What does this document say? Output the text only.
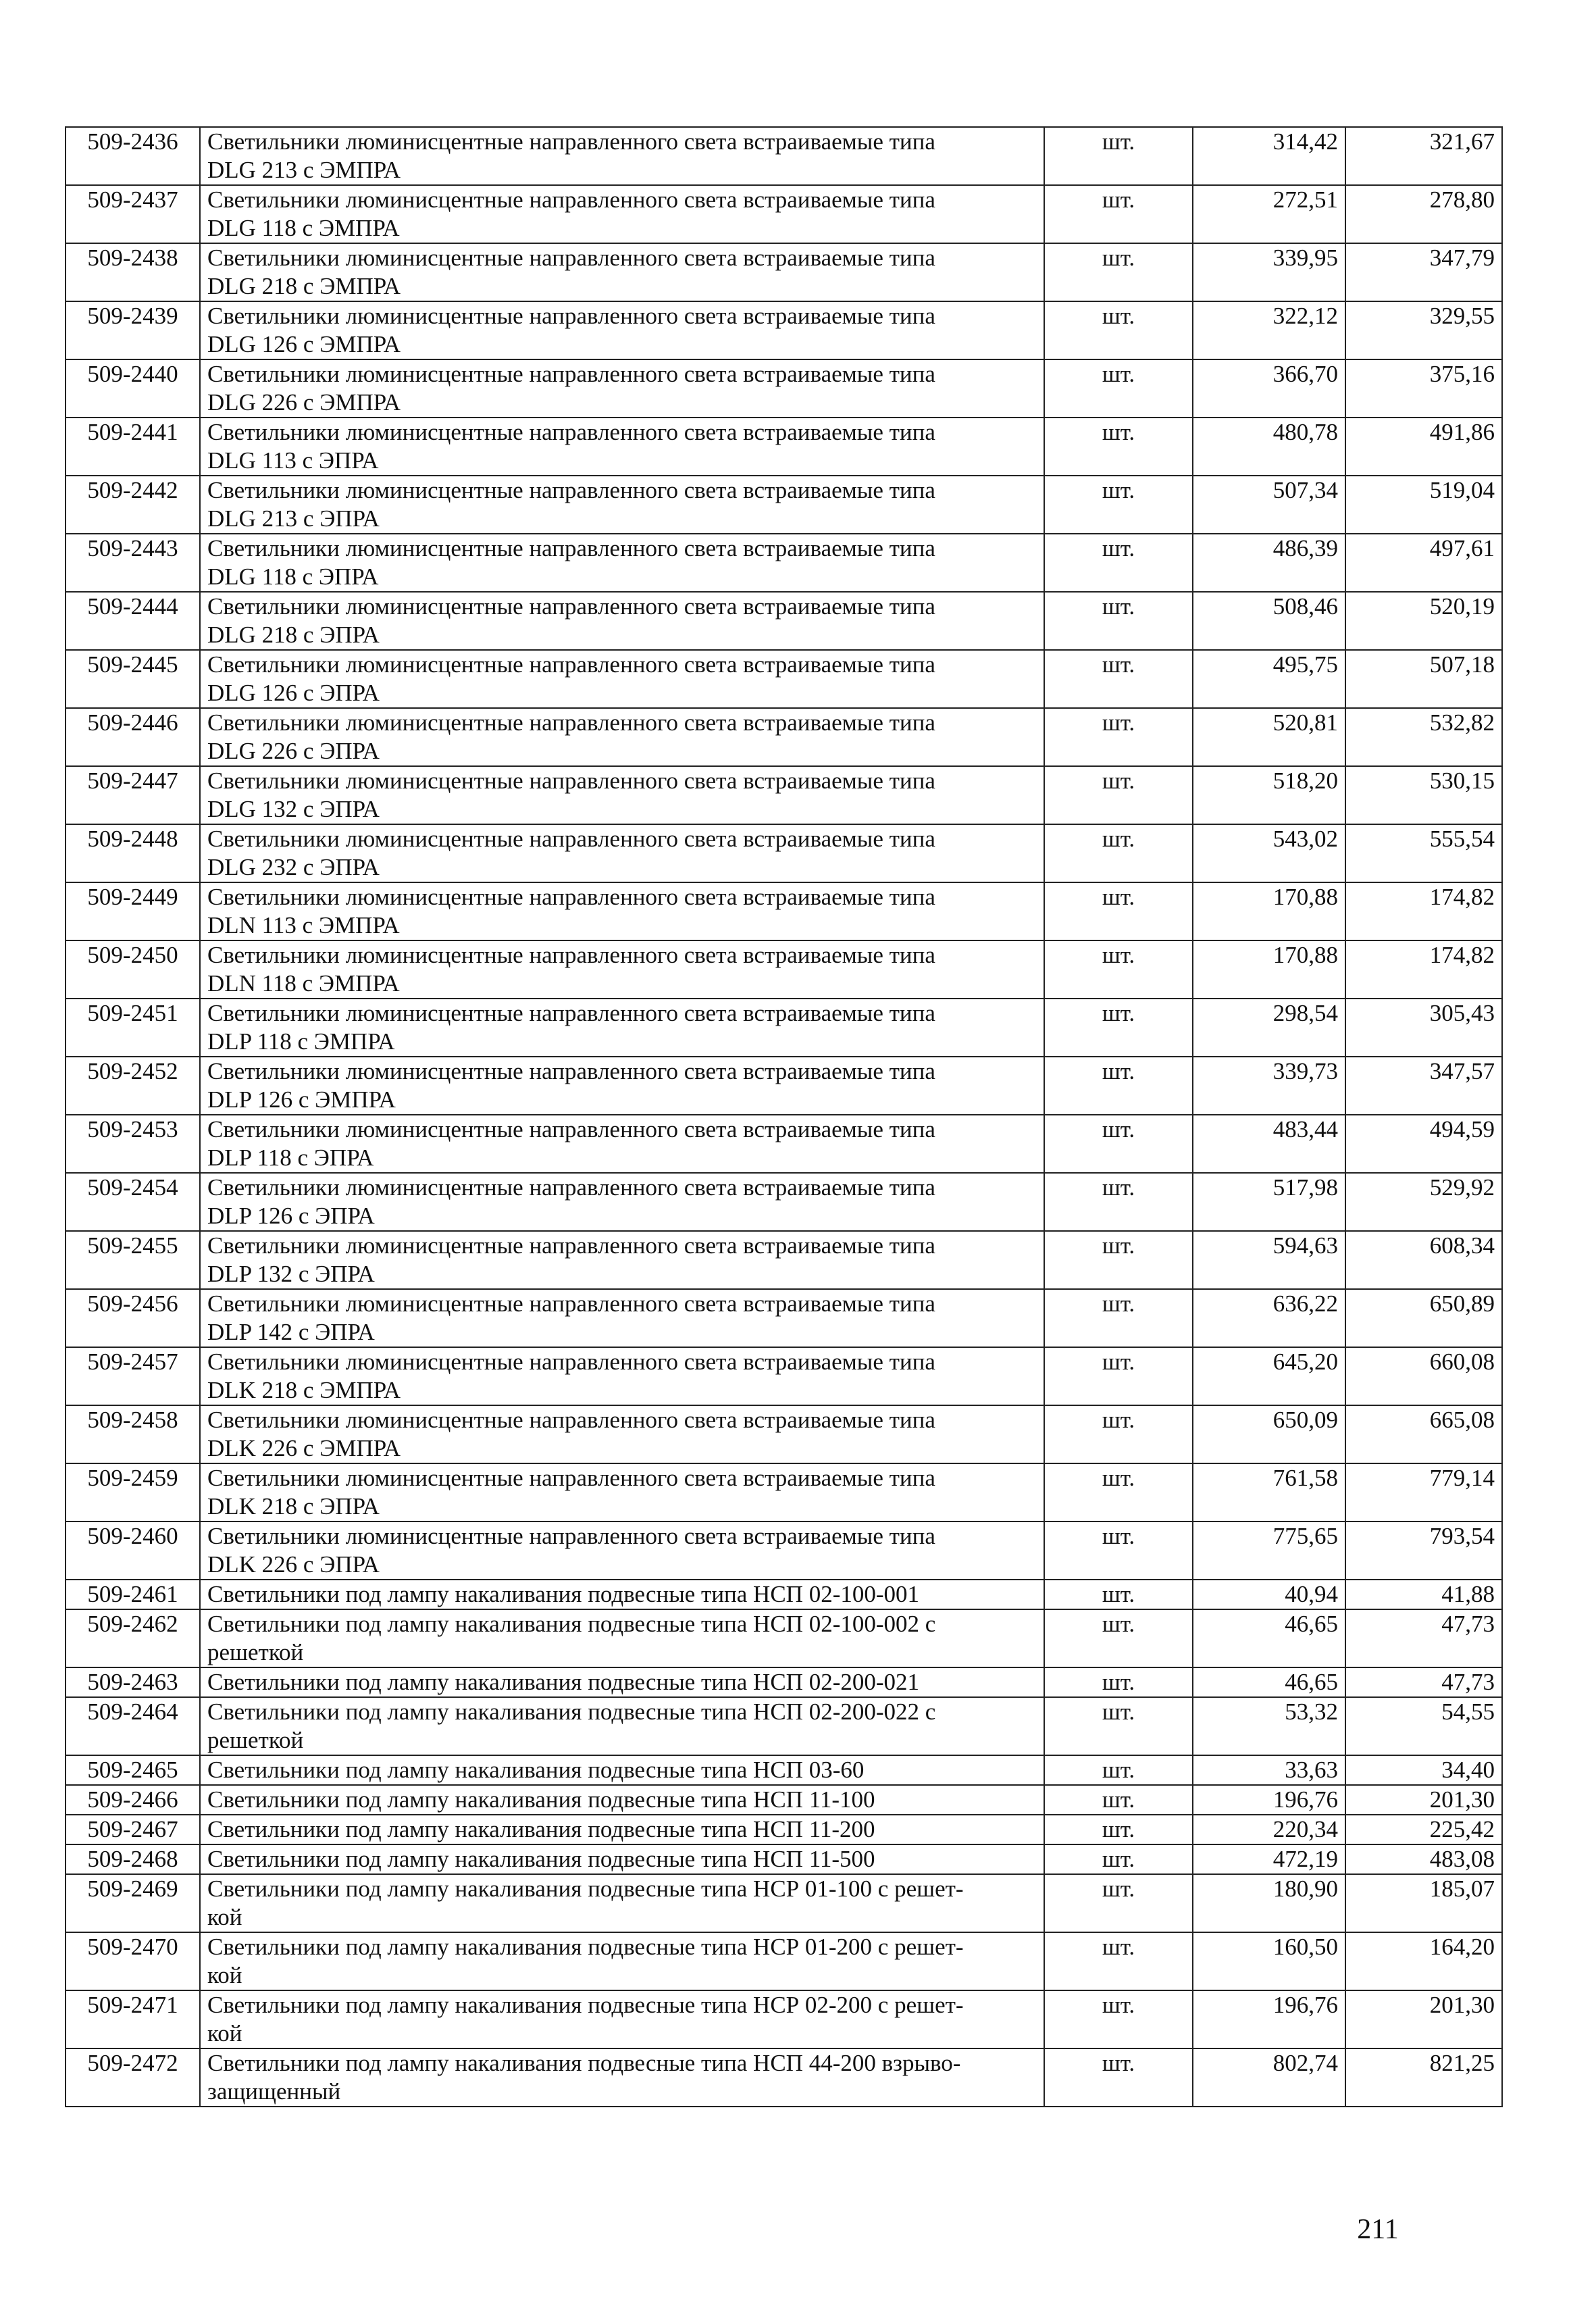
509-2436	Светильники люминисцентные направленного света встраиваемые типа
DLG 213 с ЭМПРА	шт.	314,42	321,67
509-2437	Светильники люминисцентные направленного света встраиваемые типа
DLG 118 с ЭМПРА	шт.	272,51	278,80
509-2438	Светильники люминисцентные направленного света встраиваемые типа
DLG 218 с ЭМПРА	шт.	339,95	347,79
509-2439	Светильники люминисцентные направленного света встраиваемые типа
DLG 126 с ЭМПРА	шт.	322,12	329,55
509-2440	Светильники люминисцентные направленного света встраиваемые типа
DLG 226 с ЭМПРА	шт.	366,70	375,16
509-2441	Светильники люминисцентные направленного света встраиваемые типа
DLG 113 с ЭПРА	шт.	480,78	491,86
509-2442	Светильники люминисцентные направленного света встраиваемые типа
DLG 213 с ЭПРА	шт.	507,34	519,04
509-2443	Светильники люминисцентные направленного света встраиваемые типа
DLG 118 с ЭПРА	шт.	486,39	497,61
509-2444	Светильники люминисцентные направленного света встраиваемые типа
DLG 218 с ЭПРА	шт.	508,46	520,19
509-2445	Светильники люминисцентные направленного света встраиваемые типа
DLG 126 с ЭПРА	шт.	495,75	507,18
509-2446	Светильники люминисцентные направленного света встраиваемые типа
DLG 226 с ЭПРА	шт.	520,81	532,82
509-2447	Светильники люминисцентные направленного света встраиваемые типа
DLG 132 с ЭПРА	шт.	518,20	530,15
509-2448	Светильники люминисцентные направленного света встраиваемые типа
DLG 232 с ЭПРА	шт.	543,02	555,54
509-2449	Светильники люминисцентные направленного света встраиваемые типа
DLN 113 с ЭМПРА	шт.	170,88	174,82
509-2450	Светильники люминисцентные направленного света встраиваемые типа
DLN 118 с ЭМПРА	шт.	170,88	174,82
509-2451	Светильники люминисцентные направленного света встраиваемые типа
DLP 118 с ЭМПРА	шт.	298,54	305,43
509-2452	Светильники люминисцентные направленного света встраиваемые типа
DLP 126 с ЭМПРА	шт.	339,73	347,57
509-2453	Светильники люминисцентные направленного света встраиваемые типа
DLP 118 с ЭПРА	шт.	483,44	494,59
509-2454	Светильники люминисцентные направленного света встраиваемые типа
DLP 126 с ЭПРА	шт.	517,98	529,92
509-2455	Светильники люминисцентные направленного света встраиваемые типа
DLP 132 с ЭПРА	шт.	594,63	608,34
509-2456	Светильники люминисцентные направленного света встраиваемые типа
DLP 142 с ЭПРА	шт.	636,22	650,89
509-2457	Светильники люминисцентные направленного света встраиваемые типа
DLK 218 с ЭМПРА	шт.	645,20	660,08
509-2458	Светильники люминисцентные направленного света встраиваемые типа
DLK 226 с ЭМПРА	шт.	650,09	665,08
509-2459	Светильники люминисцентные направленного света встраиваемые типа
DLK 218 с ЭПРА	шт.	761,58	779,14
509-2460	Светильники люминисцентные направленного света встраиваемые типа
DLK 226 с ЭПРА	шт.	775,65	793,54
509-2461	Светильники под лампу накаливания подвесные типа НСП 02-100-001	шт.	40,94	41,88
509-2462	Светильники под лампу накаливания подвесные типа НСП 02-100-002 с
решеткой	шт.	46,65	47,73
509-2463	Светильники под лампу накаливания подвесные типа НСП 02-200-021	шт.	46,65	47,73
509-2464	Светильники под лампу накаливания подвесные типа НСП 02-200-022 с
решеткой	шт.	53,32	54,55
509-2465	Светильники под лампу накаливания подвесные типа НСП 03-60	шт.	33,63	34,40
509-2466	Светильники под лампу накаливания подвесные типа НСП 11-100	шт.	196,76	201,30
509-2467	Светильники под лампу накаливания подвесные типа НСП 11-200	шт.	220,34	225,42
509-2468	Светильники под лампу накаливания подвесные типа НСП 11-500	шт.	472,19	483,08
509-2469	Светильники под лампу накаливания подвесные типа НСР 01-100 с решет-
кой	шт.	180,90	185,07
509-2470	Светильники под лампу накаливания подвесные типа НСР 01-200 с решет-
кой	шт.	160,50	164,20
509-2471	Светильники под лампу накаливания подвесные типа НСР 02-200 с решет-
кой	шт.	196,76	201,30
509-2472	Светильники под лампу накаливания подвесные типа НСП 44-200 взрыво-
защищенный	шт.	802,74	821,25
211
